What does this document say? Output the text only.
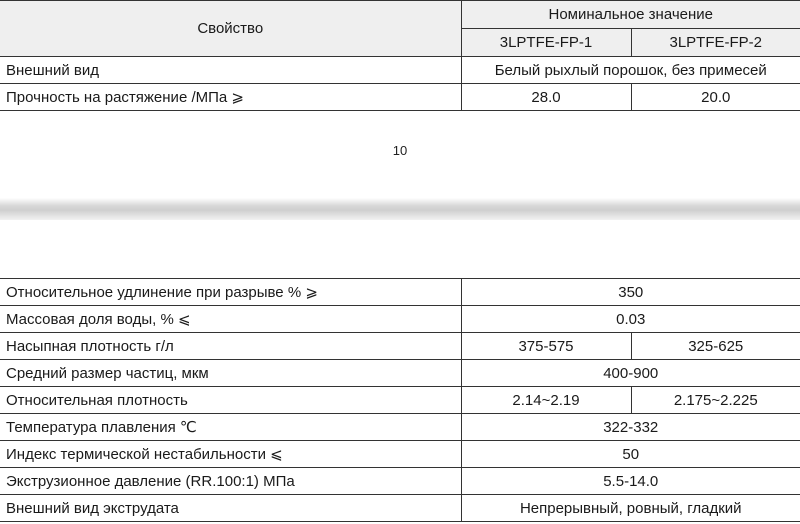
Свойство	Номинальное значение	
	3LPTFE-FP-1	3LPTFE-FP-2
Внешний вид	Белый рыхлый порошок, без примесей	
Прочность на растяжение /МПа ⩾	28.0	20.0
10
Относительное удлинение при разрыве % ⩾	350	
Массовая доля воды, % ⩽	0.03	
Насыпная плотность г/л	375-575	325-625
Средний размер частиц, мкм	400-900	
Относительная плотность	2.14~2.19	2.175~2.225
Температура плавления ℃	322-332	
Индекс термической нестабильности ⩽	50	
Экструзионное давление (RR.100:1) МПа	5.5-14.0	
Внешний вид экструдата	Непрерывный, ровный, гладкий	
